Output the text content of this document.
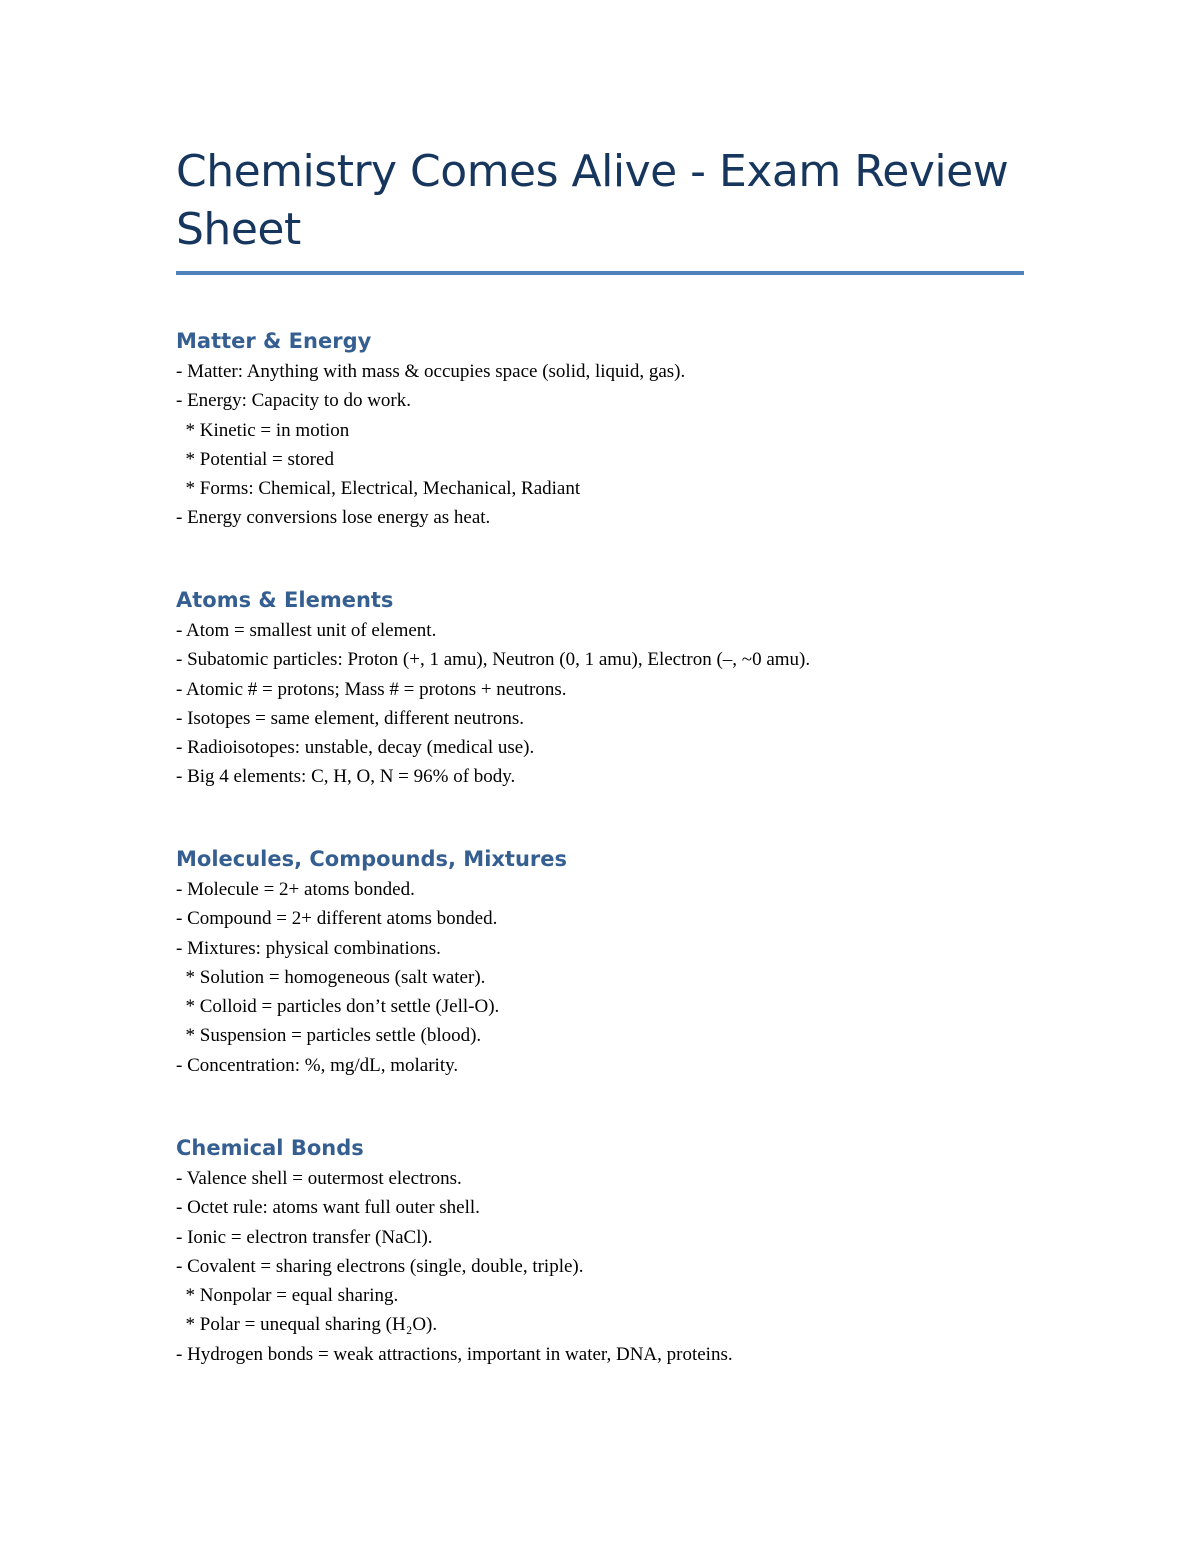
Chemistry Comes Alive - Exam Review Sheet
Matter & Energy
- Matter: Anything with mass & occupies space (solid, liquid, gas).
- Energy: Capacity to do work.
* Kinetic = in motion
* Potential = stored
* Forms: Chemical, Electrical, Mechanical, Radiant
- Energy conversions lose energy as heat.
Atoms & Elements
- Atom = smallest unit of element.
- Subatomic particles: Proton (+, 1 amu), Neutron (0, 1 amu), Electron (–, ~0 amu).
- Atomic # = protons; Mass # = protons + neutrons.
- Isotopes = same element, different neutrons.
- Radioisotopes: unstable, decay (medical use).
- Big 4 elements: C, H, O, N = 96% of body.
Molecules, Compounds, Mixtures
- Molecule = 2+ atoms bonded.
- Compound = 2+ different atoms bonded.
- Mixtures: physical combinations.
* Solution = homogeneous (salt water).
* Colloid = particles don’t settle (Jell-O).
* Suspension = particles settle (blood).
- Concentration: %, mg/dL, molarity.
Chemical Bonds
- Valence shell = outermost electrons.
- Octet rule: atoms want full outer shell.
- Ionic = electron transfer (NaCl).
- Covalent = sharing electrons (single, double, triple).
* Nonpolar = equal sharing.
* Polar = unequal sharing (H₂O).
- Hydrogen bonds = weak attractions, important in water, DNA, proteins.
